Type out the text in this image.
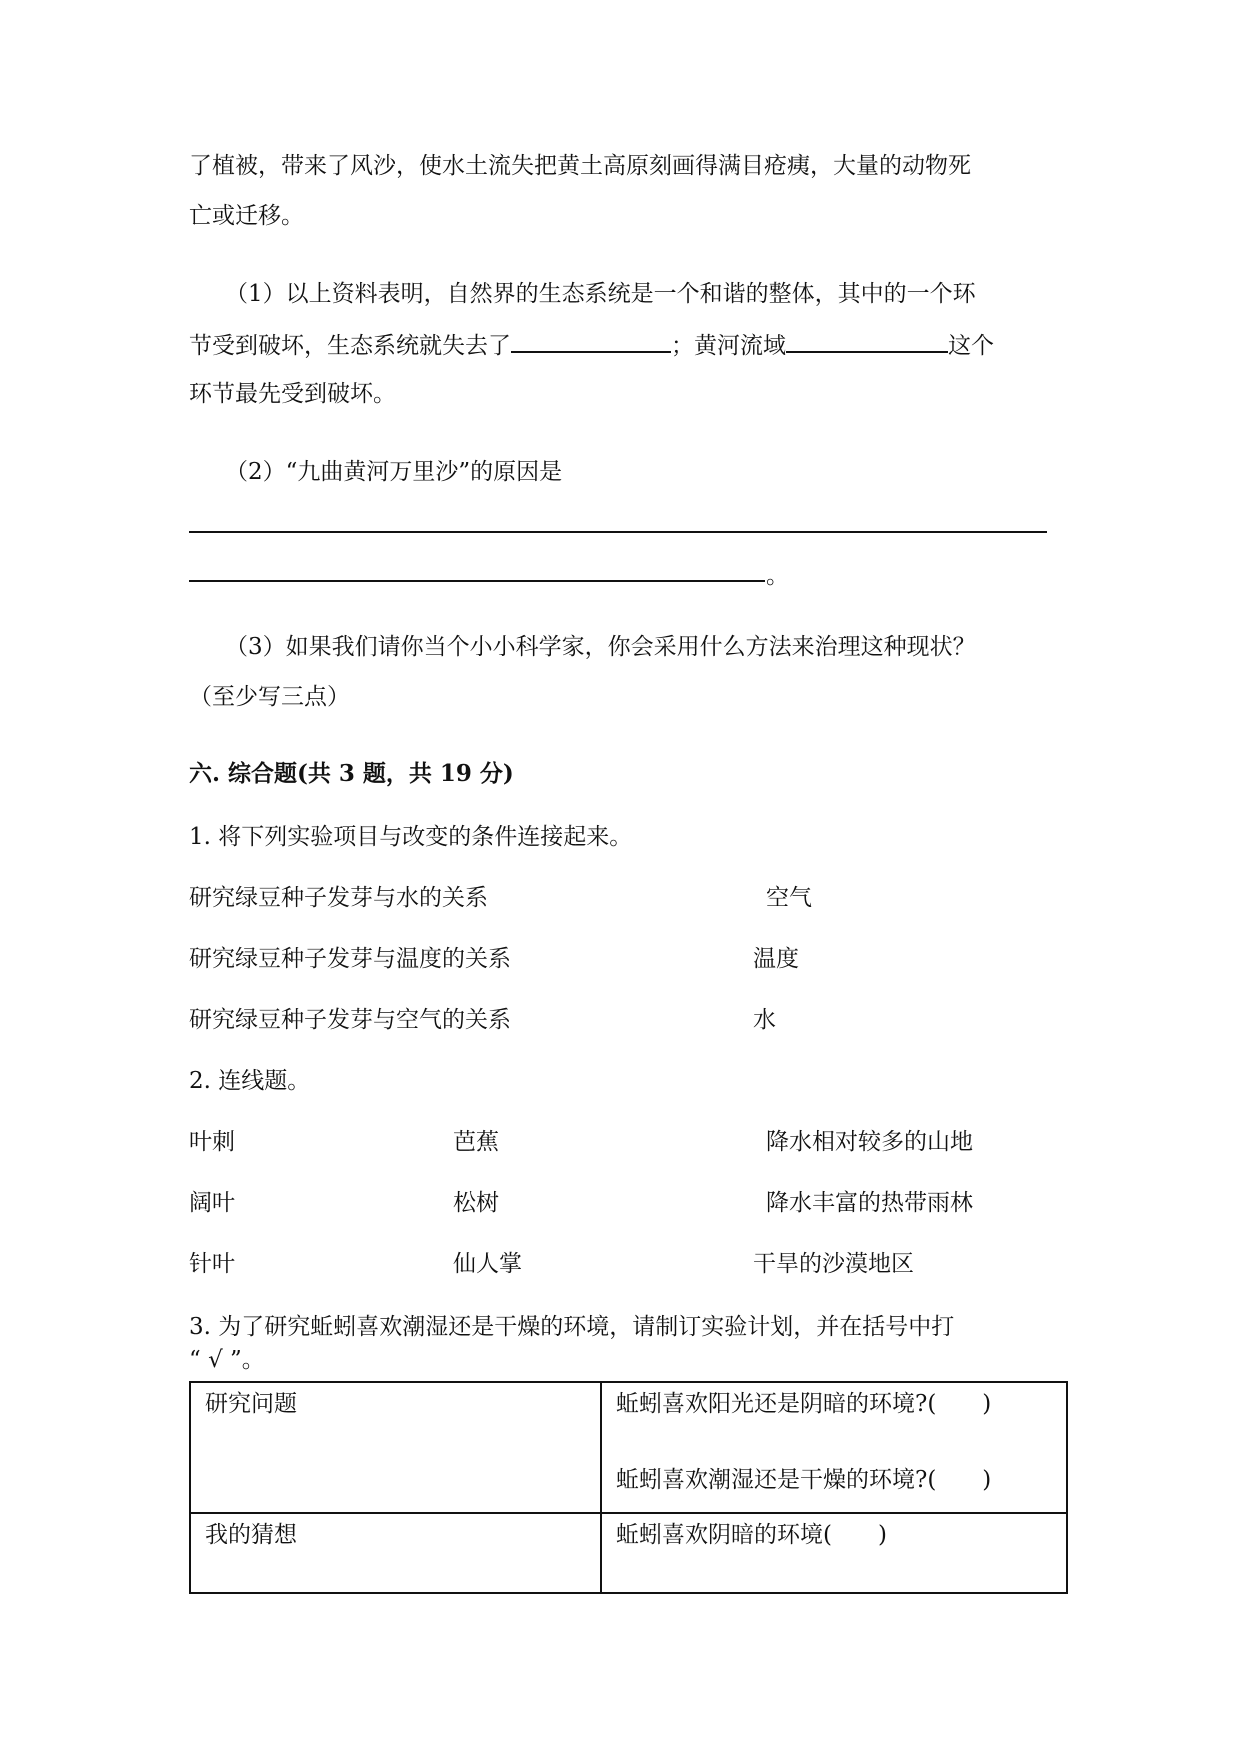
了植被，带来了风沙，使水土流失把黄土高原刻画得满目疮痍，大量的动物死
亡或迁移。
（1）以上资料表明，自然界的生态系统是一个和谐的整体，其中的一个环
节受到破坏，生态系统就失去了	；黄河流域	这个
环节最先受到破坏。
（2）“九曲黄河万里沙”的原因是
。
（3）如果我们请你当个小小科学家，你会采用什么方法来治理这种现状？
（至少写三点）
六. 综合题(共 3 题，共 19 分)
1. 将下列实验项目与改变的条件连接起来。
研究绿豆种子发芽与水的关系	空气
研究绿豆种子发芽与温度的关系	温度
研究绿豆种子发芽与空气的关系	水
2. 连线题。
叶刺	芭蕉	降水相对较多的山地
阔叶	松树	降水丰富的热带雨林
针叶	仙人掌	干旱的沙漠地区
3. 为了研究蚯蚓喜欢潮湿还是干燥的环境，请制订实验计划，并在括号中打
“ √ ”。

研究问题	蚯蚓喜欢阳光还是阴暗的环境?(　　)

蚯蚓喜欢潮湿还是干燥的环境?(　　)

我的猜想	蚯蚓喜欢阴暗的环境(　　)
